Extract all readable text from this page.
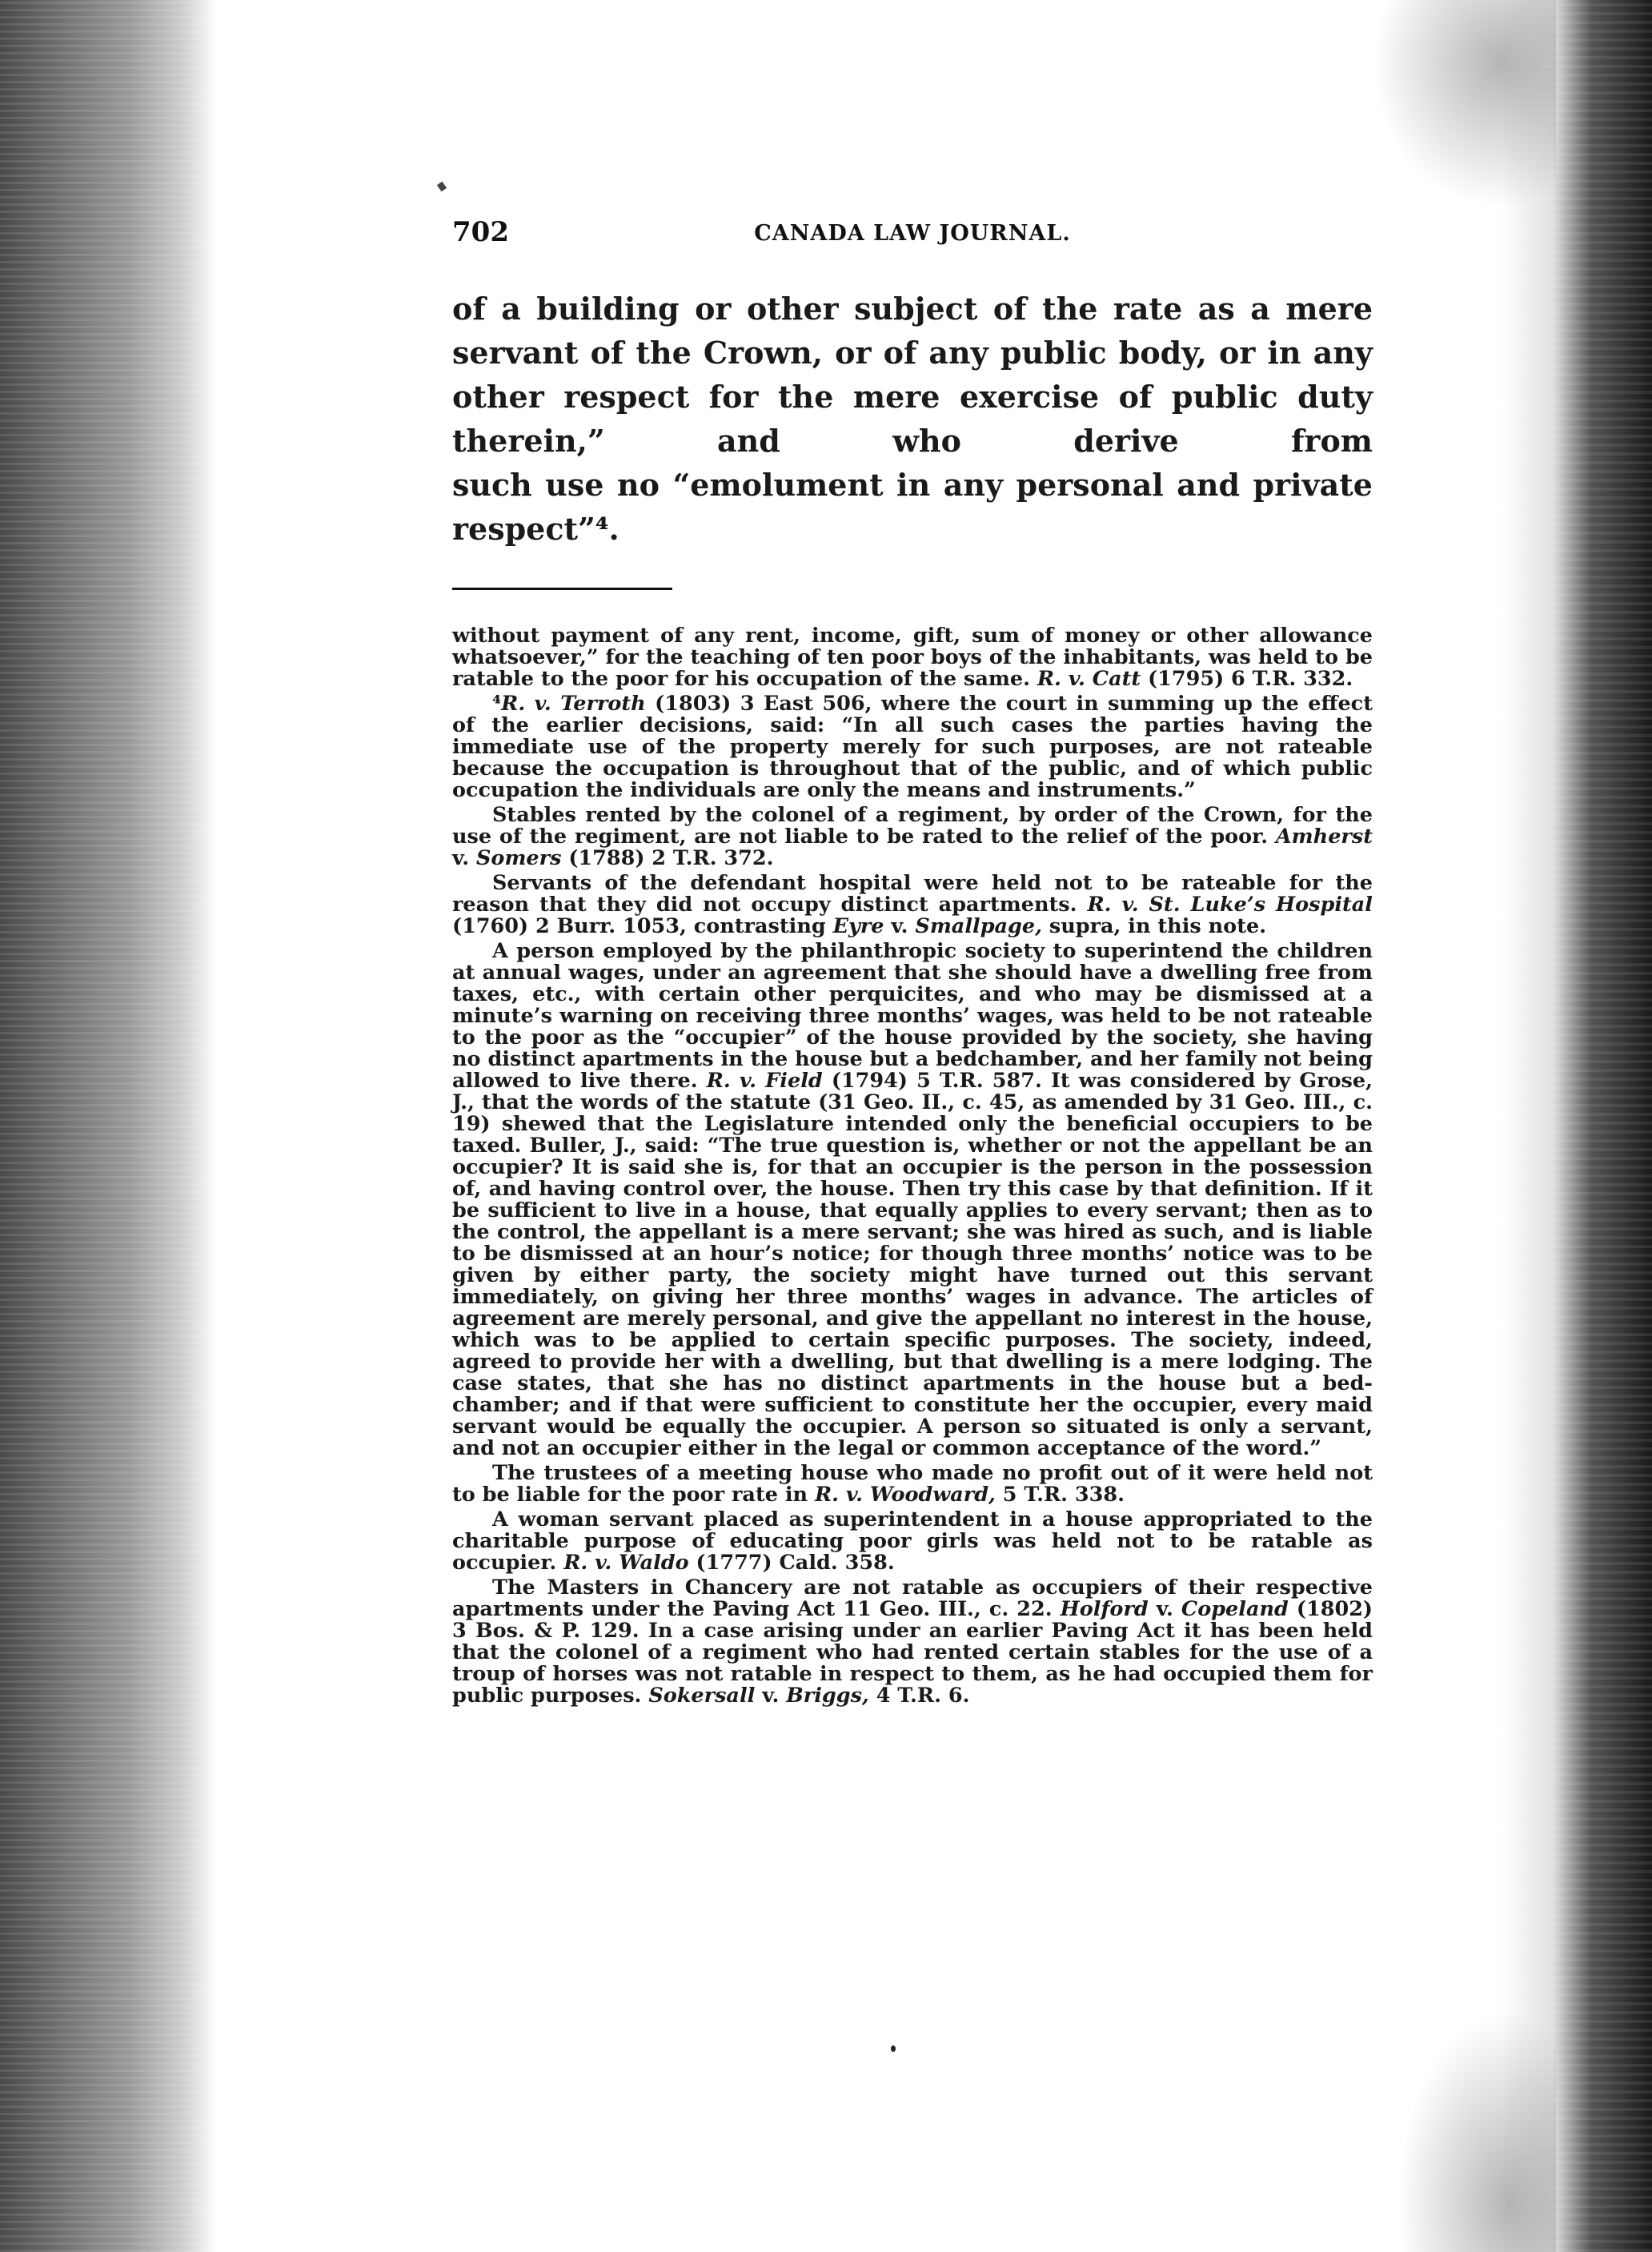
702	CANADA LAW JOURNAL.
of a building or other subject of the rate as a mere servant of the Crown, or of any public body, or in any other respect for the mere exercise of public duty therein,” and who derive from
such use no “emolument in any personal and private respect”⁴.

without payment of any rent, income, gift, sum of money or other allowance whatsoever,” for the teaching of ten poor boys of the inhabitants, was held to be ratable to the poor for his occupation of the same. R. v. Catt (1795) 6 T.R. 332.

⁴R. v. Terroth (1803) 3 East 506, where the court in summing up the effect of the earlier decisions, said: “In all such cases the parties having the immediate use of the property merely for such purposes, are not rateable because the occupation is throughout that of the public, and of which public occupation the individuals are only the means and instruments.”

Stables rented by the colonel of a regiment, by order of the Crown, for the use of the regiment, are not liable to be rated to the relief of the poor. Amherst v. Somers (1788) 2 T.R. 372.

Servants of the defendant hospital were held not to be rateable for the reason that they did not occupy distinct apartments. R. v. St. Luke’s Hospital (1760) 2 Burr. 1053, contrasting Eyre v. Smallpage, supra, in this note.

A person employed by the philanthropic society to superintend the children at annual wages, under an agreement that she should have a dwelling free from taxes, etc., with certain other perquicites, and who may be dismissed at a minute’s warning on receiving three months’ wages, was held to be not rateable to the poor as the “occupier” of the house provided by the society, she having no distinct apartments in the house but a bedchamber, and her family not being allowed to live there. R. v. Field (1794) 5 T.R. 587. It was considered by Grose, J., that the words of the statute (31 Geo. II., c. 45, as amended by 31 Geo. III., c. 19) shewed that the Legislature intended only the beneficial occupiers to be taxed. Buller, J., said: “The true question is, whether or not the appellant be an occupier? It is said she is, for that an occupier is the person in the possession of, and having control over, the house. Then try this case by that definition. If it be sufficient to live in a house, that equally applies to every servant; then as to the control, the appellant is a mere servant; she was hired as such, and is liable to be dismissed at an hour’s notice; for though three months’ notice was to be given by either party, the society might have turned out this servant immediately, on giving her three months’ wages in advance. The articles of agreement are merely personal, and give the appellant no interest in the house, which was to be applied to certain specific purposes. The society, indeed, agreed to provide her with a dwelling, but that dwelling is a mere lodging. The case states, that she has no distinct apartments in the house but a bed-chamber; and if that were sufficient to constitute her the occupier, every maid servant would be equally the occupier. A person so situated is only a servant, and not an occupier either in the legal or common acceptance of the word.”

The trustees of a meeting house who made no profit out of it were held not to be liable for the poor rate in R. v. Woodward, 5 T.R. 338.

A woman servant placed as superintendent in a house appropriated to the charitable purpose of educating poor girls was held not to be ratable as occupier. R. v. Waldo (1777) Cald. 358.

The Masters in Chancery are not ratable as occupiers of their respective apartments under the Paving Act 11 Geo. III., c. 22. Holford v. Copeland (1802) 3 Bos. & P. 129. In a case arising under an earlier Paving Act it has been held that the colonel of a regiment who had rented certain stables for the use of a troup of horses was not ratable in respect to them, as he had occupied them for public purposes. Sokersall v. Briggs, 4 T.R. 6.
